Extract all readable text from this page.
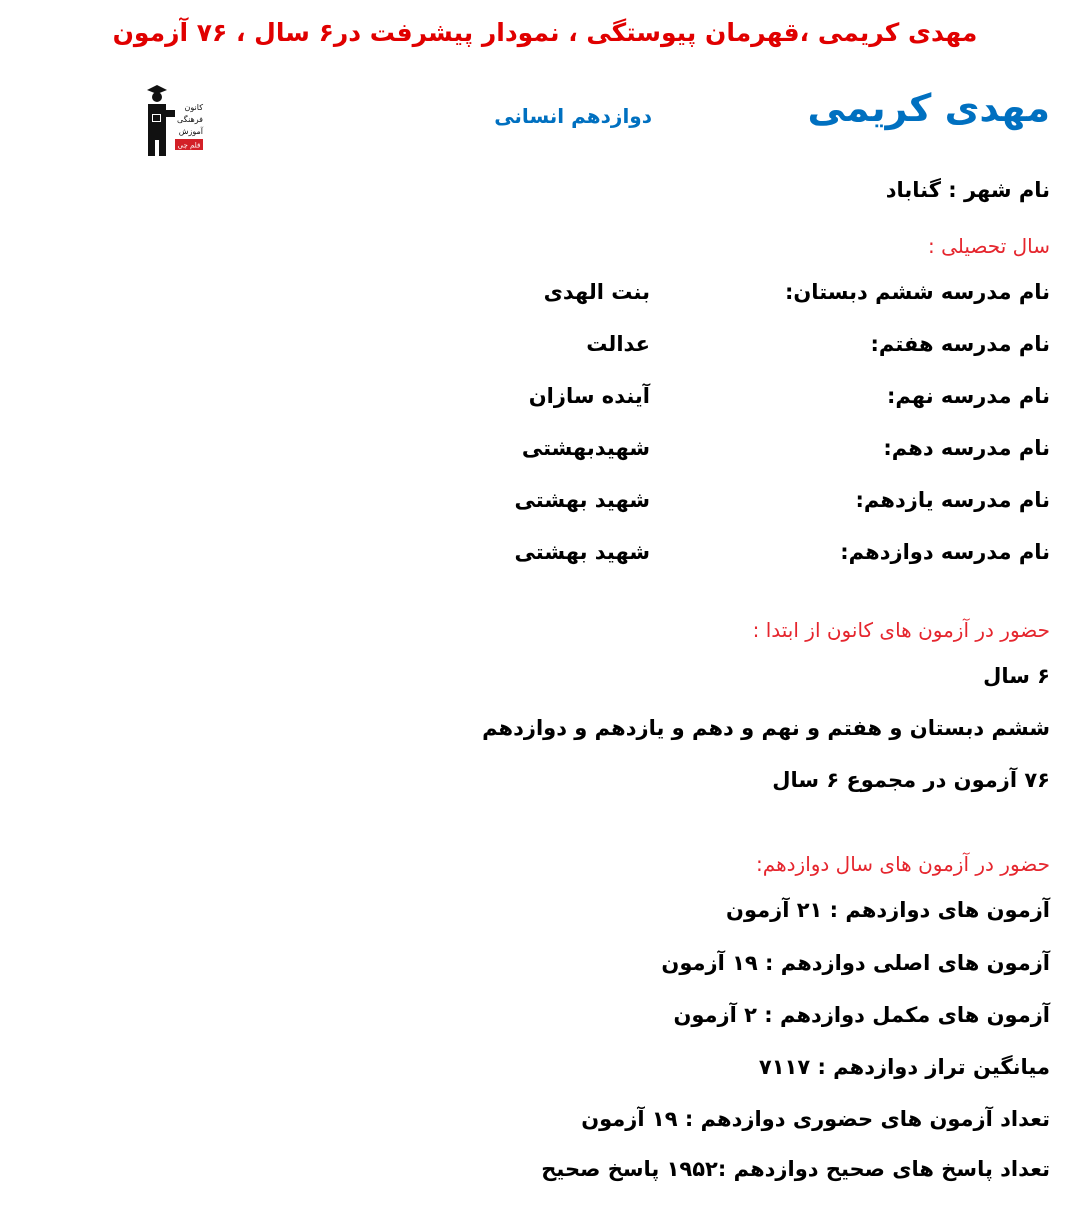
مهدی کریمی ،قهرمان پیوستگی ، نمودار پیشرفت در۶ سال ، ۷۶ آزمون
کانون
فرهنگی
آموزش
قلم چی
مهدی کریمی
دوازدهم انسانی
نام شهر : گناباد
سال تحصیلی :
نام مدرسه ششم دبستان:
بنت الهدی
نام مدرسه هفتم:
عدالت
نام مدرسه نهم:
آینده سازان
نام مدرسه دهم:
شهیدبهشتی
نام مدرسه یازدهم:
شهید بهشتی
نام مدرسه دوازدهم:
شهید بهشتی
حضور در آزمون های کانون از ابتدا :
۶ سال
ششم دبستان و هفتم و نهم و دهم و یازدهم و دوازدهم
۷۶ آزمون در مجموع ۶ سال
حضور در آزمون های سال دوازدهم:
آزمون های دوازدهم : ۲۱ آزمون
آزمون های اصلی دوازدهم : ۱۹ آزمون
آزمون های مکمل دوازدهم : ۲ آزمون
میانگین تراز دوازدهم : ۷۱۱۷
تعداد آزمون های حضوری دوازدهم : ۱۹ آزمون
تعداد پاسخ های صحیح دوازدهم :۱۹۵۲ پاسخ صحیح
